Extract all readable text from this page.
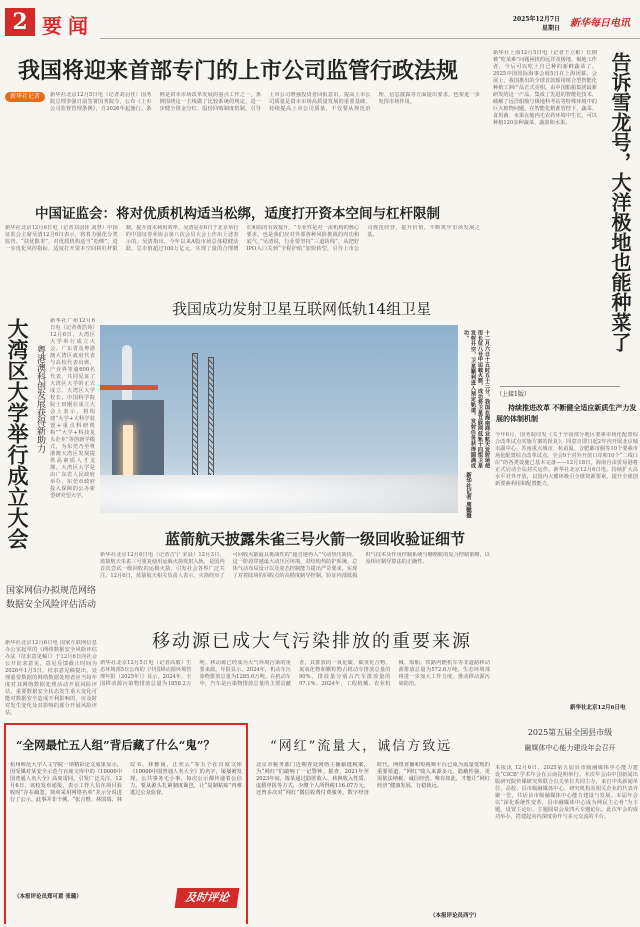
2 要闻	2025年12月7日
星期日 新华每日电讯
我国将迎来首部专门的上市公司监管行政法规
新华社记者	新华社北京12月5日电（记者刘羽佳）国务院总理李强日前签署国务院令，公布《上市公司监督管理条例》，自2026年起施行。条例是资本市场改革发展的重点工作之一，条例围绕这一主线做了比较系统的规定。进一步健全资金分红、股份回购制度机制，引导上市公司增强投资者回报意识。提高上市公司质量是资本市场高质量发展的重要基础，持续提高上市公司质量，不仅要从规范治理、信息披露等方面提出要求，也要进一步发挥市场作用。
新华社上海12月5日电（记者王立彬）长期被“吃菜难”问题困扰的远洋及极地、极地工作者，今后可以吃上自己种的新鲜蔬菜了。2025中国国际海事会展5日在上海闭幕。会展上，我国推出的全球首款船用组合型智能化种植工洲产品正式亮相，由中国船舶集团最新研发的这一产品，集成了先进的智能化技术，破解了远洋船舶与极地科考站等特殊环境中的巨大植物问题，在智能化精准管控下，蔬菜、食用菌、水果在舱内无农药环境中生长，可以种植120多种蔬菜、蔬果和水果。	告诉雪龙号，大洋极地也能种菜了
中国证监会：将对优质机构适当松绑，适度打开资本空间与杠杆限制
新华社北京12月6日电（记者刘羽佳 刘慧）中国证监会主席吴清12月6日表示，将着力强化分类监管、“扶优限劣”，对优质机构适当“松绑”，进一步优化风控指标，适度打开资本空间和杠杆限制，提升资本利用效率。吴清是在6日于北京举行的中国证券业协会第八次会员大会上作出上述表示的。吴清指出，今年以来A股市场总体稳健活跃，总市值超过100万亿元，实现了量的合理增长和质的有效提升。“专业性是对一流机构的核心要求，也是我们应对外部各种风险挑战的内功和底气。”吴清说，行业要坚持“三道防线”，从把好IPO入口关到“全程护航”加快转型，引导上市公司规范经营，提升价值，不断筑牢市场发展之基。
大湾区大学举行成立大会 粤港澳科创发展获得新助力
新华社广州12月6日电（记者黄浩苑）12月6日，大湾区大学举行成立大会。广东省及粤港澳大湾区政府代表与高校代表出席。产业界等逾600名代表、共同见证了大湾区大学的正式成立。大湾区大学校长、中国科学院院士田刚在成立大会上表示，将构建“大学+大科学装置+重点科研机构”“大学+科技龙头企业”等创新学模式，为东莞乃至粤港澳大湾区发展提供高素质人才支撑。大湾区大学是由广东省人民政府举办、东莞市政府投入保障的公办新型研究型大学。
我国成功发射卫星互联网低轨14组卫星
十二月六日十五时五十三分，我国在海南商业航天发射场使用长征八号甲运载火箭，成功将卫星互联网低轨十四组卫星发射升空，卫星顺利进入预定轨道，发射任务获得圆满成功。
新华社记者 周懿摄
蓝箭航天披露朱雀三号火箭一级回收验证细节
新华社北京12月6日电（记者吉宁 宋晨）12月3日，蓝箭航天朱雀三号重复使用运载火箭发射入轨，是国内首次尝试一级回收的运载火箭，引发社会各界广泛关注。12月6日，蓝箭航天相关负责人表示，火箭经历了可回收火箭最具挑战性的“超音速再入”气动热压阶段，这一阶段穿越最大动压区环境，对结构热防护系统、总体气动布局设计以及姿态控制能力提出严苛要求。实现了对着陆场的回收点的高精度制导控制，验证内部低损供气技术及作用控制系统与栅格舵的复合控制策略，以及相应制导算法的正确性。
国家网信办拟规范网络数据安全风险评估活动
新华社北京12月6日电 国家互联网信息办公室起草的《网络数据安全风险评估办法（征求意见稿）》于12月6日向社会公开征求意见，意见反馈截止时间为2026年1月5日。征求意见稿提出，处理重要数据的网络数据处理者应当每年度对其网络数据处理活动开展风险评估，重要数据安全状态发生重大变化可能对数据安全造成不利影响的，应及时对发生变化及其影响的部分开展风险评估。
移动源已成大气污染排放的重要来源
新华社北京12月5日电（记者高敬）生态环境部5日公布的《中国移动源环境管理年报（2025年）》显示，2024年，全国移动源污染物排放总量为1858.2万吨。移动源已经成为大气环境污染的重要来源。年报显示，2024年，机动车污染物排放总量为1285.6万吨。在机动车中，汽车是污染物排放总量的主要贡献者，其排放的一氧化碳、碳氢化合物、氮氧化物和颗粒物占机动车排放总量的90%。排放量分别占汽车排放量的97.1%。2024年，工程机械、农业机械、船舶、铁路内燃机车等非道路移动源排放总量为572.6万吨。生态环境部将进一步加大工作力度，推动移动源污染防治。
（上接1版）
持续推进改革 不断健全适应新质生产力发展的体制机制
今年6月，国务院印发《关于全国部分地区要素市场化配置综合改革试点实施方案的批复》，同意自即日起2年内开展北京城市副中心、苏南重点城市、杭甬温、合肥都市圈等10个要素市场化配置综合改革试点。全会9个对外开放口岸和10个“二线口岸”的各类设施已基本完备——12月18日，海南自由贸易港将正式启动全岛封关运作。新华社北京12月6日电。持续扩大高水平对外开放，以国内大循环吸引全球资源要素，提升全球创新要素利用和配置能力。
新华社北京12月6日电
2025第五届全国县市级
融媒体中心能力建设年会召开
本报讯 12月6日，2025第五届县市级融媒体中心能力建设“CICB”学术年会在云南昆明举行。本次年会由中国新闻出版研究院传媒研究所联合有关单位共同主办，来自中央新闻单位、高校、县市级融媒体中心、研究机构及相关企业的代表齐聚一堂，共话县市级融媒体中心能力建设与发展。本届年会以“深化系统性变革，县市融媒体中心成为网民主心骨”为主题，设置主论坛、主题圆桌会及四大专题论坛。此次年会的成功举办，搭建起向内深度协作与多元交流的平台。
“全网最忙五人组”背后藏了什么“鬼”？
杭州师范大学人文学院一项精彩论文成果显示，因受媒对某安全示范与百度文库中的《10000中国普通人名大全》高度雷同，引发广泛关注。12月6日，该校发布通报，表示工作人员在项目验收时“存在疏忽，简单采用网络名单”并示分说进行了公示。此事并非个例，“张吉惟、林国瑞、林玟书、林雅南、江奕云”等五个在百度文库《10000中国普通人名大全》的名字，屡屡被发现。公共事务无小事，每次公示都传递着公信力。要从源头扎紧制度篱笆，让“复制粘贴”再难逃过公众监督。
（本报评论员郑可意 张璐）	及时评论
“网红”流量大，诚信方致远
北京市税务部门近期查处网络主播偷逃税案，为“网红”们敲响了一记警钟。据查，2021年至2023年间，陈某通过隐匿收入、转换收入性质、虚假申报等方式，少缴个人所得税116.07万元，还曾多次对“网红”微信收费付费服务。数字经济时代，网络直播和短视频平台已成为流量变现的重要渠道。“网红”收入来源多元、隐蔽性强，更需依法纳税、诚信经营。唯有如此，才能让“网红经济”健康发展，行稳致远。
（本报评论员西宁）
